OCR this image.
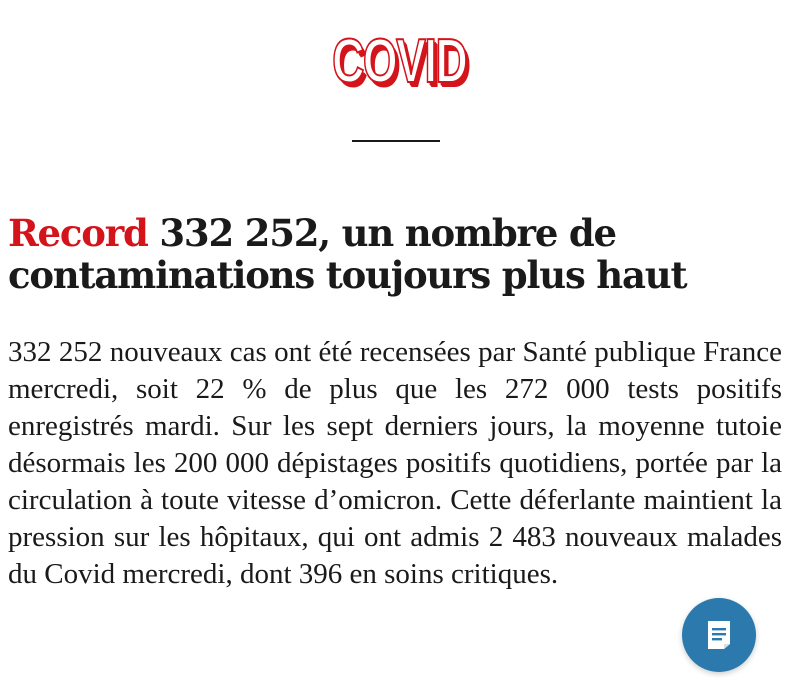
COVID
Record 332 252, un nombre de contaminations toujours plus haut

332 252 nouveaux cas ont été recensées par Santé publique France mercredi, soit 22 % de plus que les 272 000 tests positifs enregistrés mardi. Sur les sept derniers jours, la moyenne tutoie désormais les 200 000 dépistages positifs quotidiens, portée par la circulation à toute vitesse d’omicron. Cette déferlante maintient la pression sur les hôpitaux, qui ont admis 2 483 nouveaux malades du Covid mercredi, dont 396 en soins critiques.
